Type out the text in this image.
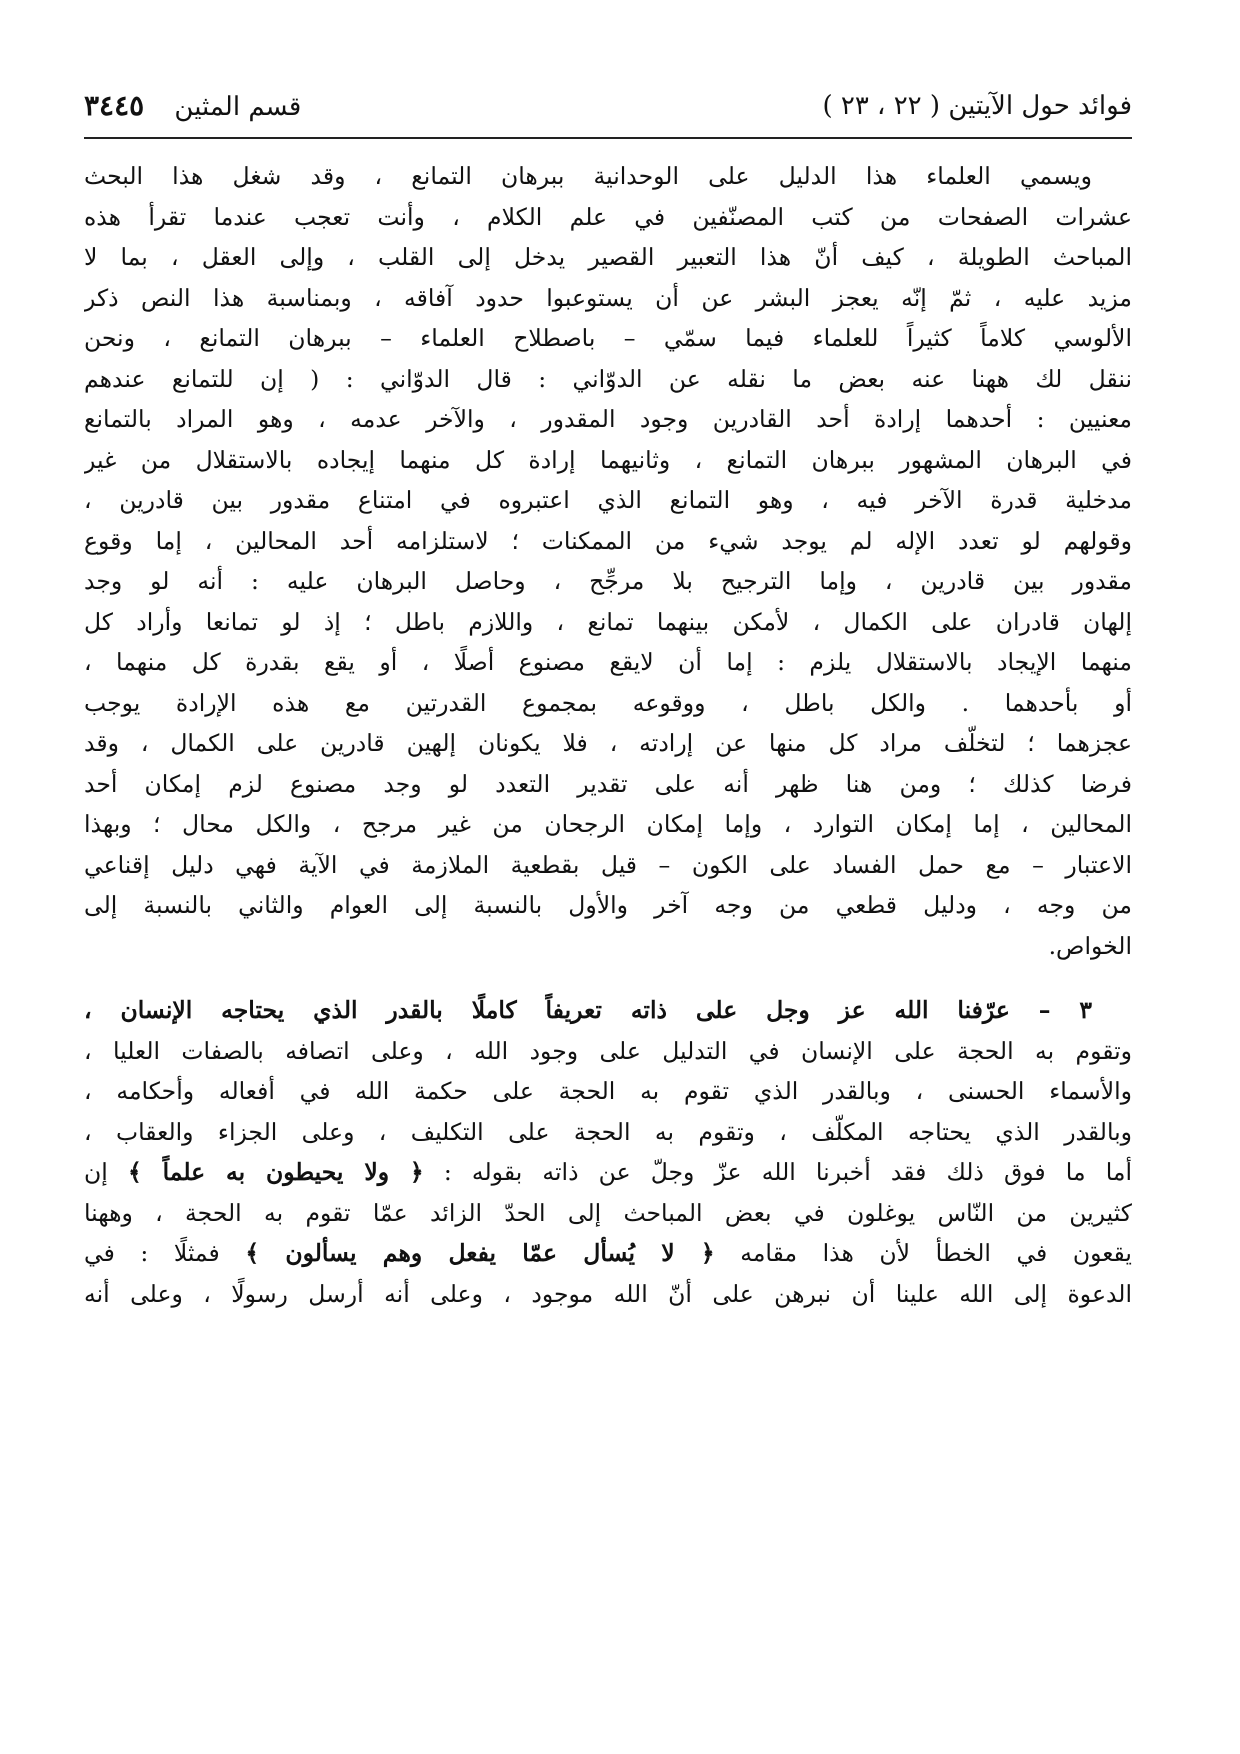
فوائد حول الآيتين ( ٢٢ ، ٢٣ )
قسم المثين ٣٤٤٥
ويسمي العلماء هذا الدليل على الوحدانية ببرهان التمانع ، وقد شغل هذا البحث
عشرات الصفحات من كتب المصنّفين في علم الكلام ، وأنت تعجب عندما تقرأ هذه
المباحث الطويلة ، كيف أنّ هذا التعبير القصير يدخل إلى القلب ، وإلى العقل ، بما لا
مزيد عليه ، ثمّ إنّه يعجز البشر عن أن يستوعبوا حدود آفاقه ، وبمناسبة هذا النص ذكر
الألوسي كلاماً كثيراً للعلماء فيما سمّي – باصطلاح العلماء – ببرهان التمانع ، ونحن
ننقل لك ههنا عنه بعض ما نقله عن الدوّاني : قال الدوّاني : ( إن للتمانع عندهم
معنيين : أحدهما إرادة أحد القادرين وجود المقدور ، والآخر عدمه ، وهو المراد بالتمانع
في البرهان المشهور ببرهان التمانع ، وثانيهما إرادة كل منهما إيجاده بالاستقلال من غير
مدخلية قدرة الآخر فيه ، وهو التمانع الذي اعتبروه في امتناع مقدور بين قادرين ،
وقولهم لو تعدد الإله لم يوجد شيء من الممكنات ؛ لاستلزامه أحد المحالين ، إما وقوع
مقدور بين قادرين ، وإما الترجيح بلا مرجِّح ، وحاصل البرهان عليه : أنه لو وجد
إلهان قادران على الكمال ، لأمكن بينهما تمانع ، واللازم باطل ؛ إذ لو تمانعا وأراد كل
منهما الإيجاد بالاستقلال يلزم : إما أن لايقع مصنوع أصلًا ، أو يقع بقدرة كل منهما ،
أو بأحدهما . والكل باطل ، ووقوعه بمجموع القدرتين مع هذه الإرادة يوجب
عجزهما ؛ لتخلّف مراد كل منها عن إرادته ، فلا يكونان إلهين قادرين على الكمال ، وقد
فرضا كذلك ؛ ومن هنا ظهر أنه على تقدير التعدد لو وجد مصنوع لزم إمكان أحد
المحالين ، إما إمكان التوارد ، وإما إمكان الرجحان من غير مرجح ، والكل محال ؛ وبهذا
الاعتبار – مع حمل الفساد على الكون – قيل بقطعية الملازمة في الآية فهي دليل إقناعي
من وجه ، ودليل قطعي من وجه آخر والأول بالنسبة إلى العوام والثاني بالنسبة إلى
الخواص.
٣ – عرّفنا الله عز وجل على ذاته تعريفاً كاملًا بالقدر الذي يحتاجه الإنسان ،
وتقوم به الحجة على الإنسان في التدليل على وجود الله ، وعلى اتصافه بالصفات العليا ،
والأسماء الحسنى ، وبالقدر الذي تقوم به الحجة على حكمة الله في أفعاله وأحكامه ،
وبالقدر الذي يحتاجه المكلّف ، وتقوم به الحجة على التكليف ، وعلى الجزاء والعقاب ،
أما ما فوق ذلك فقد أخبرنا الله عزّ وجلّ عن ذاته بقوله : ﴿ ولا يحيطون به علماً ﴾ إن
كثيرين من النّاس يوغلون في بعض المباحث إلى الحدّ الزائد عمّا تقوم به الحجة ، وههنا
يقعون في الخطأ لأن هذا مقامه ﴿ لا يُسأل عمّا يفعل وهم يسألون ﴾ فمثلًا : في
الدعوة إلى الله علينا أن نبرهن على أنّ الله موجود ، وعلى أنه أرسل رسولًا ، وعلى أنه
